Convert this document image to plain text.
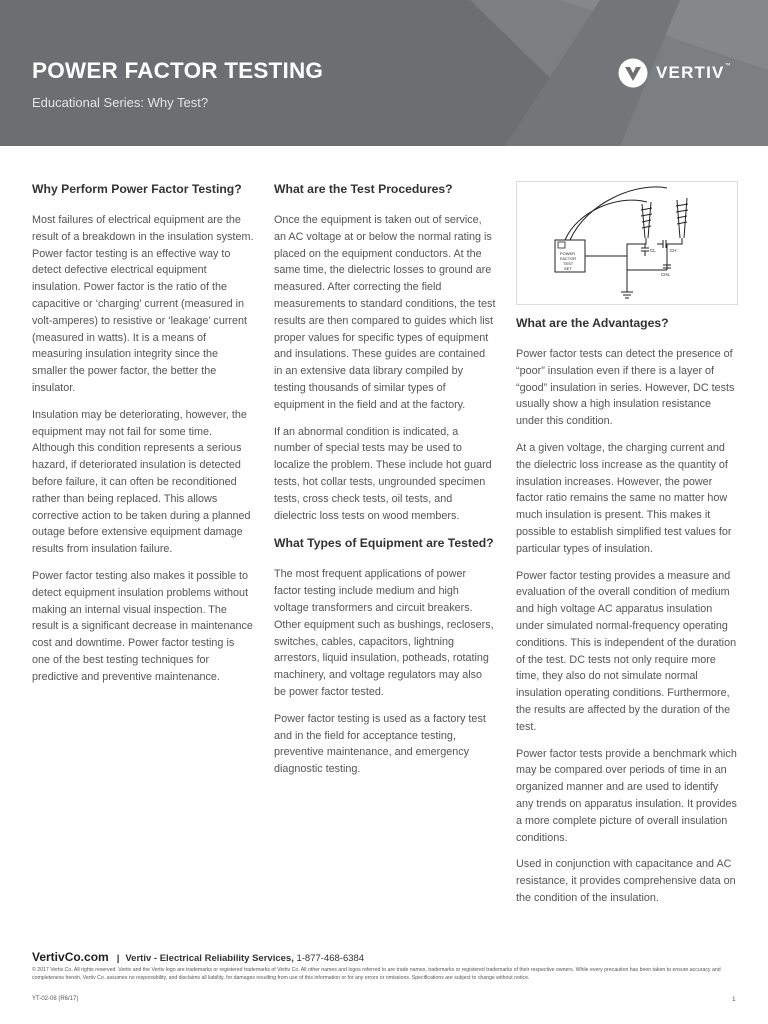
POWER FACTOR TESTING
Educational Series: Why Test?
VERTIV™
Why Perform Power Factor Testing?

Most failures of electrical equipment are the result of a breakdown in the insulation system. Power factor testing is an effective way to detect defective electrical equipment insulation. Power factor is the ratio of the capacitive or ‘charging’ current (measured in volt-amperes) to resistive or ‘leakage’ current (measured in watts). It is a means of measuring insulation integrity since the smaller the power factor, the better the insulator.

Insulation may be deteriorating, however, the equipment may not fail for some time. Although this condition represents a serious hazard, if deteriorated insulation is detected before failure, it can often be reconditioned rather than being replaced. This allows corrective action to be taken during a planned outage before extensive equipment damage results from insulation failure.

Power factor testing also makes it possible to detect equipment insulation problems without making an internal visual inspection. The result is a significant decrease in maintenance cost and downtime. Power factor testing is one of the best testing techniques for predictive and preventive maintenance.

What are the Test Procedures?

Once the equipment is taken out of service, an AC voltage at or below the normal rating is placed on the equipment conductors. At the same time, the dielectric losses to ground are measured. After correcting the field measurements to standard conditions, the test results are then compared to guides which list proper values for specific types of equipment and insulations. These guides are contained in an extensive data library compiled by testing thousands of similar types of equipment in the field and at the factory.

If an abnormal condition is indicated, a number of special tests may be used to localize the problem. These include hot guard tests, hot collar tests, ungrounded specimen tests, cross check tests, oil tests, and dielectric loss tests on wood members.

What Types of Equipment are Tested?

The most frequent applications of power factor testing include medium and high voltage transformers and circuit breakers. Other equipment such as bushings, reclosers, switches, cables, capacitors, lightning arrestors, liquid insulation, potheads, rotating machinery, and voltage regulators may also be power factor tested.

Power factor testing is used as a factory test and in the field for acceptance testing, preventive maintenance, and emergency diagnostic testing.

POWER
FACTOR
TEST
SET
CL	CH
CHL
What are the Advantages?

Power factor tests can detect the presence of “poor” insulation even if there is a layer of “good” insulation in series. However, DC tests usually show a high insulation resistance under this condition.

At a given voltage, the charging current and the dielectric loss increase as the quantity of insulation increases. However, the power factor ratio remains the same no matter how much insulation is present. This makes it possible to establish simplified test values for particular types of insulation.

Power factor testing provides a measure and evaluation of the overall condition of medium and high voltage AC apparatus insulation under simulated normal-frequency operating conditions. This is independent of the duration of the test. DC tests not only require more time, they also do not simulate normal insulation operating conditions. Furthermore, the results are affected by the duration of the test.

Power factor tests provide a benchmark which may be compared over periods of time in an organized manner and are used to identify any trends on apparatus insulation. It provides a more complete picture of overall insulation conditions.

Used in conjunction with capacitance and AC resistance, it provides comprehensive data on the condition of the insulation.

VertivCo.com | Vertiv - Electrical Reliability Services, 1-877-468-6384
© 2017 Vertiv Co. All rights reserved. Vertiv and the Vertiv logo are trademarks or registered trademarks of Vertiv Co. All other names and logos referred to are trade names, trademarks or registered trademarks of their respective owners. While every precaution has been taken to ensure accuracy and completeness herein, Vertiv Co. assumes no responsibility, and disclaims all liability, for damages resulting from use of this information or for any errors or omissions. Specifications are subject to change without notice.
YT-02-08 (R6/17)	1
